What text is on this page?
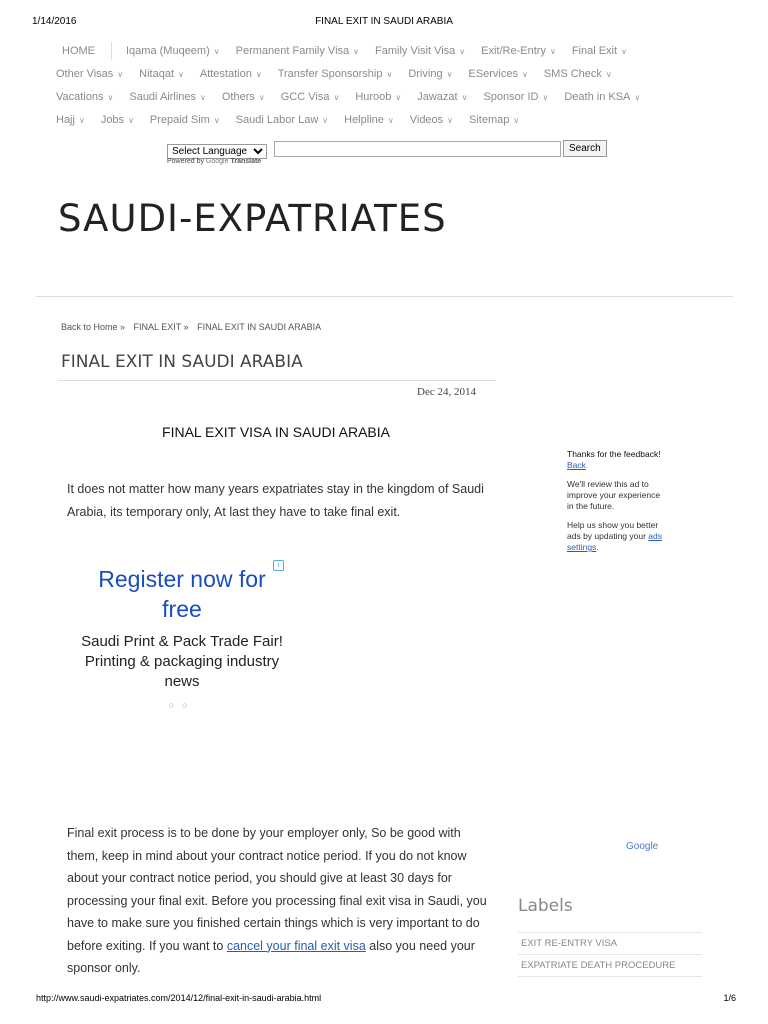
1/14/2016	FINAL EXIT IN SAUDI ARABIA
HOME	Iqama (Muqeem) ∨ Permanent Family Visa ∨ Family Visit Visa ∨ Exit/Re-Entry ∨ Final Exit ∨
Other Visas ∨ Nitaqat ∨ Attestation ∨ Transfer Sponsorship ∨ Driving ∨ EServices ∨ SMS Check ∨
Vacations ∨ Saudi Airlines ∨ Others ∨ GCC Visa ∨ Huroob ∨ Jawazat ∨ Sponsor ID ∨ Death in KSA ∨
Hajj ∨ Jobs ∨ Prepaid Sim ∨ Saudi Labor Law ∨ Helpline ∨ Videos ∨ Sitemap ∨
Select Language
Search
Powered by Google Translate
SAUDI-EXPATRIATES
Back to Home » FINAL EXIT » FINAL EXIT IN SAUDI ARABIA
FINAL EXIT IN SAUDI ARABIA
Dec 24, 2014
FINAL EXIT VISA IN SAUDI ARABIA

It does not matter how many years expatriates stay in the kingdom of Saudi Arabia, its temporary only, At last they have to take final exit.

i
Register now for free
Saudi Print & Pack Trade Fair! Printing & packaging industry news
○○

Final exit process is to be done by your employer only, So be good with them, keep in mind about your contract notice period. If you do not know about your contract notice period, you should give at least 30 days for processing your final exit. Before you processing final exit visa in Saudi, you have to make sure you finished certain things which is very important to do before exiting. If you want to cancel your final exit visa also you need your sponsor only.

Thanks for the feedback! Back

We'll review this ad to improve your experience in the future.

Help us show you better ads by updating your ads settings.

Google
Labels
EXIT RE-ENTRY VISA
EXPATRIATE DEATH PROCEDURE
http://www.saudi-expatriates.com/2014/12/final-exit-in-saudi-arabia.html	1/6
